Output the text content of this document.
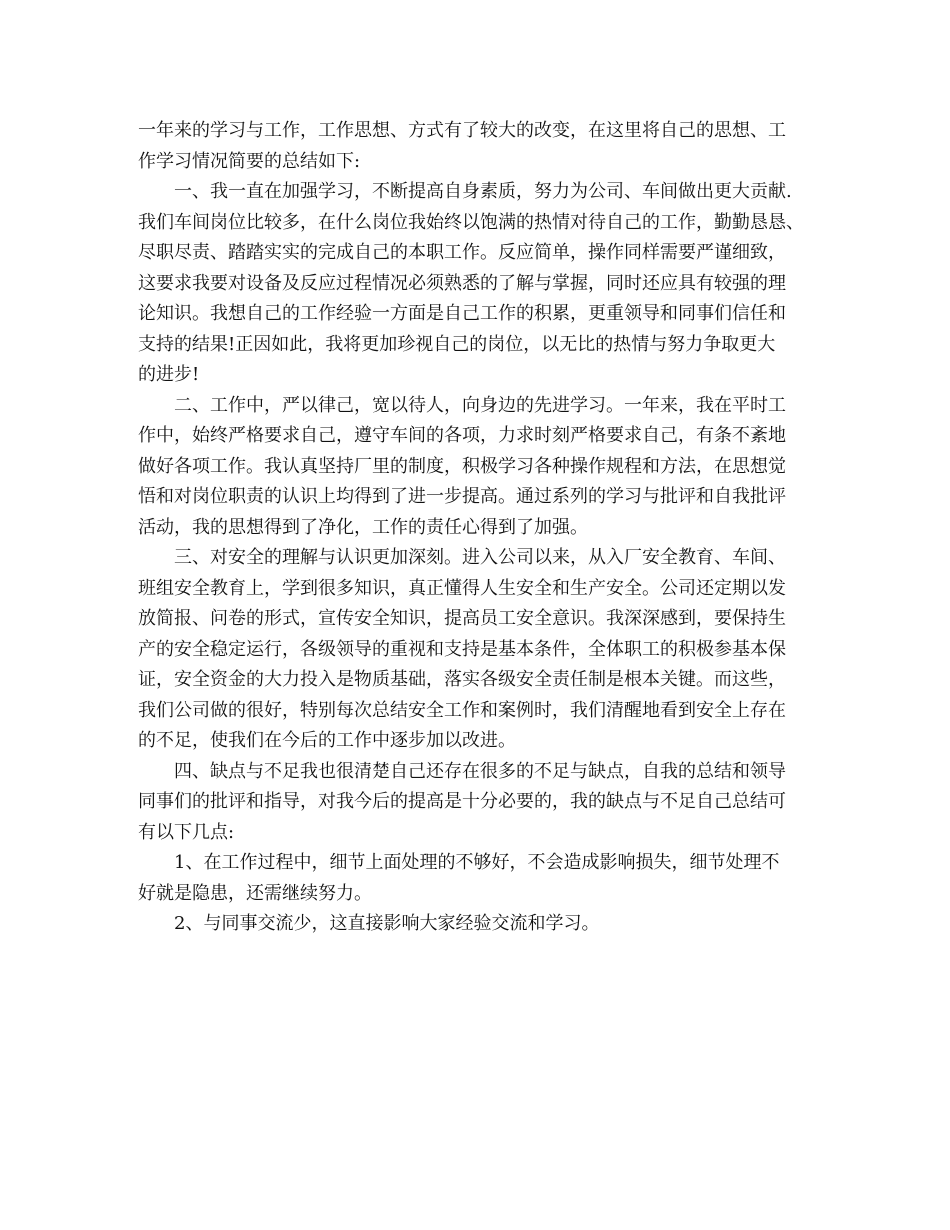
一年来的学习与工作，工作思想、方式有了较大的改变，在这里将自己的思想、工
作学习情况简要的总结如下:
一、我一直在加强学习，不断提高自身素质，努力为公司、车间做出更大贡献.
我们车间岗位比较多，在什么岗位我始终以饱满的热情对待自己的工作，勤勤恳恳、
尽职尽责、踏踏实实的完成自己的本职工作。反应简单，操作同样需要严谨细致，
这要求我要对设备及反应过程情况必须熟悉的了解与掌握，同时还应具有较强的理
论知识。我想自己的工作经验一方面是自己工作的积累，更重领导和同事们信任和
支持的结果!正因如此，我将更加珍视自己的岗位，以无比的热情与努力争取更大
的进步!
二、工作中，严以律己，宽以待人，向身边的先进学习。一年来，我在平时工
作中，始终严格要求自己，遵守车间的各项，力求时刻严格要求自己，有条不紊地
做好各项工作。我认真坚持厂里的制度，积极学习各种操作规程和方法，在思想觉
悟和对岗位职责的认识上均得到了进一步提高。通过系列的学习与批评和自我批评
活动，我的思想得到了净化，工作的责任心得到了加强。
三、对安全的理解与认识更加深刻。进入公司以来，从入厂安全教育、车间、
班组安全教育上，学到很多知识，真正懂得人生安全和生产安全。公司还定期以发
放简报、问卷的形式，宣传安全知识，提高员工安全意识。我深深感到，要保持生
产的安全稳定运行，各级领导的重视和支持是基本条件，全体职工的积极参基本保
证，安全资金的大力投入是物质基础，落实各级安全责任制是根本关键。而这些，
我们公司做的很好，特别每次总结安全工作和案例时，我们清醒地看到安全上存在
的不足，使我们在今后的工作中逐步加以改进。
四、缺点与不足我也很清楚自己还存在很多的不足与缺点，自我的总结和领导
同事们的批评和指导，对我今后的提高是十分必要的，我的缺点与不足自己总结可
有以下几点:
1、在工作过程中，细节上面处理的不够好，不会造成影响损失，细节处理不
好就是隐患，还需继续努力。
2、与同事交流少，这直接影响大家经验交流和学习。
